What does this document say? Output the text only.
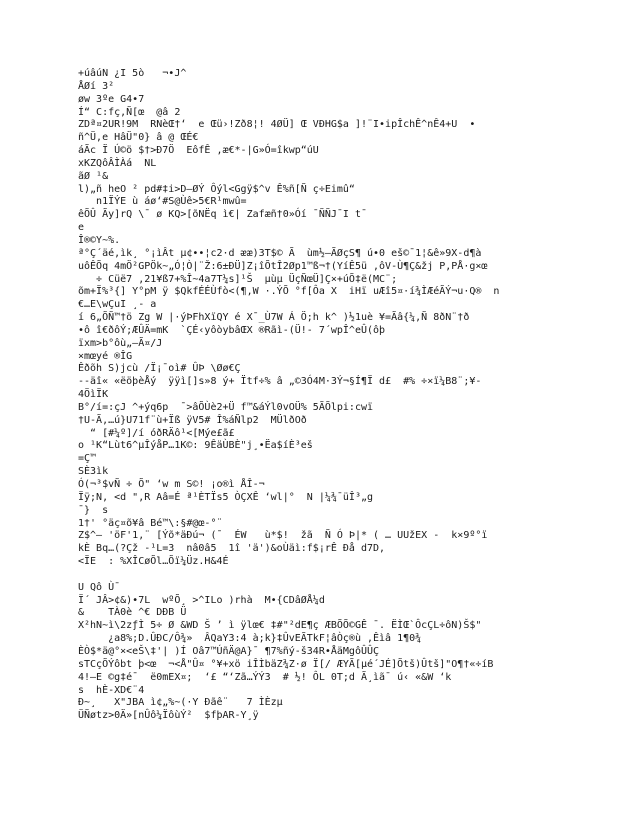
+úâúÑ ¿I 5ò   ¬•J^
ÅØí 3²
øw 3ºe G4•7
Í“ C:fç,Ñ[œ  @â 2
ZDª¤2UR!9M  RNèŒ†‘  e Œü›!Zð8¦! 4ØÜ] Œ VÐHG$a ]!¨I•ipÎchÊ^nÊ4+U  •
ñ^Ü,e HâÜ"0} â @ ŒÉ€
áÃc Ï Ú©ö $†>Ð7Ö  EôfÊ ,æ€*-|G»Ó=îkwp“úU
xKZQôÂÌÀá  NL
ãØ ¹&
l)„ñ heO ² pd#‡i>D—ØÝ Ôýl<Ggÿ$^v Ê%ñ[Ñ ç÷Eimû“
n1ÏÝE ù áø‘#S@Ùê>5€R¹mwû=
êÕÛ Ãy]rQ \¯ ø KQ>[õNËq ì€| Zafæñ†0»Óí ¯ÑÑJ¯I t¯
e
Î®©Y~%.
ª°Ç´äé,ìk¸ °¡ìÂt µ¢••¦c2·d ᴂæ)3T$© Ã  ùm½—ÃØçS¶ ú•0 eš©¯1¦&ê»9X-d¶à
uôÊÕq 4mÖ²GPÖk~„Ó¦Ò|¨Ž:6±ÐÜ]Z¡îÕtÎ2Øp1™ß¬†(YíÊ5ü ,ôV-Ù¶Ç&žj P,PÅ·g×œ
÷ Cüë7 ,21¥ß7+%Î~4a7T¼s]¹Š  µùµ ÜçÑœÜ]Ç×+úÕ‡ë(MC¨;
õm+Ï%³{] Y°pM ÿ $QkfÉÉÙfò<(¶,W ·.ÝÕ °f[Ôa X  iHï uÆî5¤·í¾ÌÆéÃÝ¬u·Q®  n
€…E\wÇuI ¸- a
í 6„ÕÑ™†ö Zg W |·ýÞFhXïQY é X¯_Ù7W Á Ö;h k^ )½1uè ¥=Ãâ{¼,Ñ 8ðN¨†ð
•ô î€ðôÝ;ÆÛÄ=mK  `ÇÉ‹yôòybâŒX ®Rãì-(Ü!- 7´wpÎ^eÛ(ôþ
ïxm>b°ôù„—Ã¤/J
×mœyé ®ÎG
Êðõh S)jcù /Ï¡¯oì# ÛÞ \Øø€Ç
--äî« «ëöþèÅý  ÿÿì[]s»8 ý+ Ïtf÷% â „©3Ó4M·3Ý¬§Í¶Ï d£  #% ÷×ï¼B8¨;¥-
4ÖìÏK
B°/í=:çJ ^+ýq6p  ¯>âÕÙè2+Ü f™&áÝl0vOÜ% 5ÃÕlpi:cwï
†U-Ã,…ú}U71f¨ù+Ïß ÿV5# Î%áÑlp2  MÜlðOð
“ [#¼º]/í óðRÄô¹<[Mýe£ã£
o ¹K“Lùt6^µÎýåP…1K©: 9ÊäÙBÈ"j¸•Ëa$íÈ³eš
=Ç™
SÈ3ìk
Ó(¬³$vÑ ÷ Õ" ‘w m S©! ¡o®ì ÅÎ-¬
Ïÿ;N, <d ",R Aâ=É ª¹ÈTÏs5 ÒÇXÊ ‘wl|°  N |¼¾¯üÎ³„g
¯}  s
1†' °äç¤õ¥â Bé™\:§#@œ-°¨
Z$^— 'öF'1,¨ [Ýõ*äÐú¬ (¯  ÉW   ù*$!  žã  Ñ Ó Þ|* ( … UUžEX -  k×9º°ï
kÈ Bq…(?Çž -¹L=3  nâ0â5  1î 'ä')&oÙäì:f$¡rÊ Ðå d7D,
<ÏE  : %XÎCøÕl…Õï¼Üz.H&4É
U Qô Ù¯
Ï´ JÂ>¢&)•7L  wºÕ¸ >^ILo )rhà  M•{CDâØÅ¼d
&    TÀ0è ^€ DÐB Ü
X²hN~ì\2zƒÌ 5÷ Ø &WD Š ’ ì ÿlœ€ ‡#"²dE¶ç ÆBÕÕ©GÊ ¯. ËÌŒ`ÔcÇL÷ôN)Š$"
¿a8%;D.ÛÐC/Ô¾»  ÂQaY3:4 à;k}‡ÛvEÃTkF¦âÒç®ù ,Êìâ 1¶0¾
ÈÒ$*ä@°×<eŠ\‡'| )Í Oâ7™ÚñÄ@A}¯ ¶7%ñý-š34R•ÅäMgôÛÛÇ
sTCçÕÝôbt þ<œ  ¬<Å"Û¤ °¥+xö iÎÌbäZ¾Z·ø Ï[/ ÆYÃ[µé´JÉ]Õtš)Ûtš]"O¶†«÷íB
4!–E ©g‡é¯  ë0mEX¤;  ‘£ “‘Zã…ÝÝ3  # ½! ÔL 0T;d Ã¸ìã¯ ú‹ «&W ‘k
s  hÈ-XD€¨4
Ð~¸   X"JBA ì¢„%~(·Y Ðãê¨   7 ÌÈzµ
ÜÑøtz>0Ä»[nÛô¼ÏôùÝ²  $fþAR-Y¸ÿ
